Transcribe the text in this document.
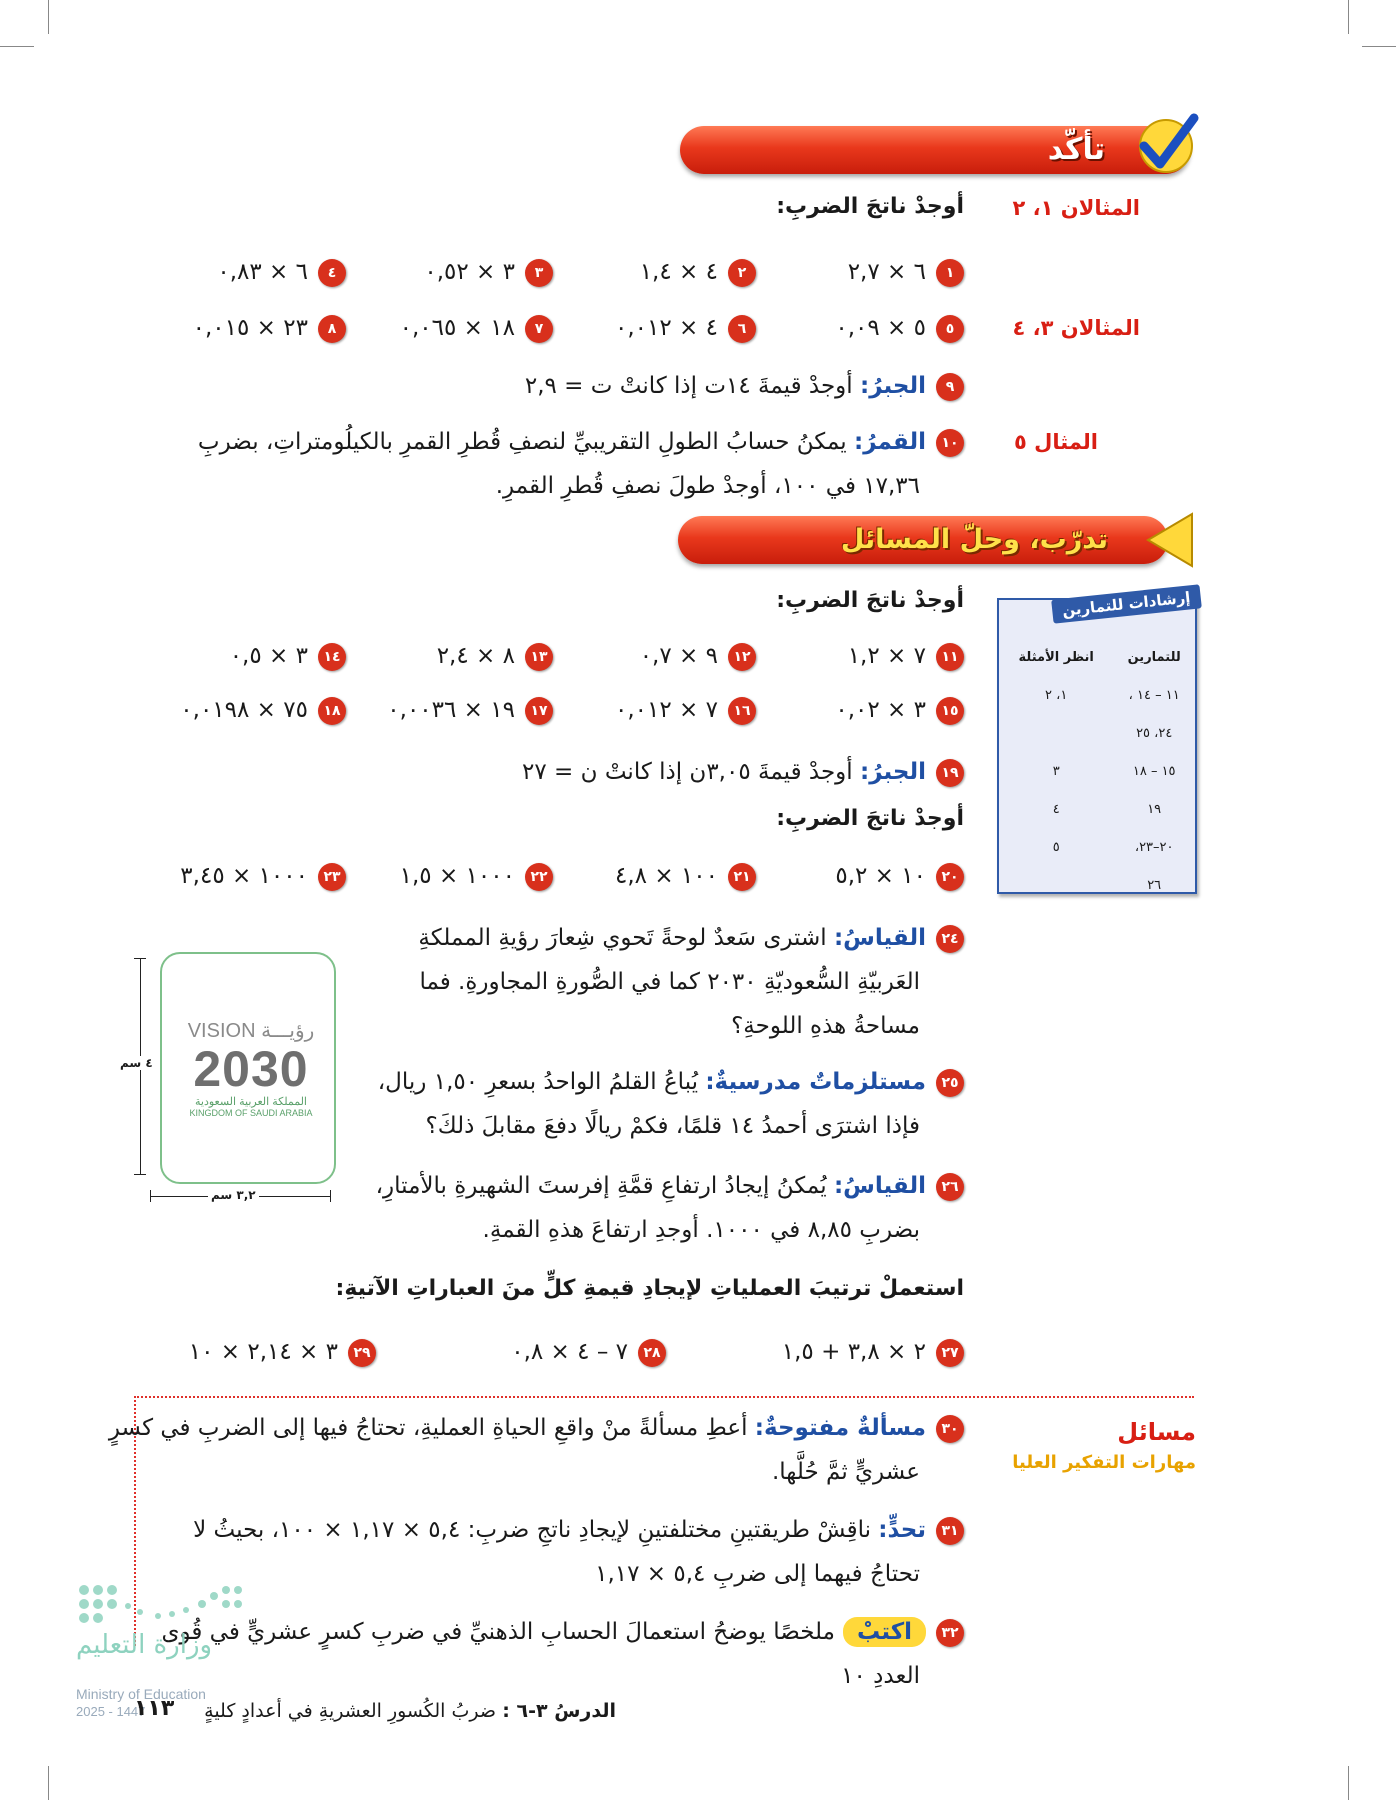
تأكّد
المثالان ١، ٢
أوجدْ ناتجَ الضربِ:
١٦ × ٢,٧
٢٤ × ١,٤
٣٣ × ٠,٥٢
٤٦ × ٠,٨٣
المثالان ٣، ٤
٥٥ × ٠,٠٩
٦٤ × ٠,٠١٢
٧١٨ × ٠,٠٦٥
٨٢٣ × ٠,٠١٥
٩الجبرُ: أوجدْ قيمةَ ١٤ت إذا كانتْ ت = ٢,٩
المثال ٥
١٠القمرُ: يمكنُ حسابُ الطولِ التقريبيِّ لنصفِ قُطرِ القمرِ بالكيلُومتراتِ، بضربِ
١٧,٣٦ في ١٠٠، أوجدْ طولَ نصفِ قُطرِ القمرِ.
تدرّب، وحلّ المسائل
إرشادات للتمارين
للتمارين	انظر الأمثلة
١١ – ١٤ ،	١، ٢
٢٤، ٢٥	
١٥ – ١٨	٣
١٩	٤
٢٠–٢٣،	٥
٢٦	
أوجدْ ناتجَ الضربِ:
١١٧ × ١,٢
١٢٩ × ٠,٧
١٣٨ × ٢,٤
١٤٣ × ٠,٥
١٥٣ × ٠,٠٢
١٦٧ × ٠,٠١٢
١٧١٩ × ٠,٠٠٣٦
١٨٧٥ × ٠,٠١٩٨
١٩الجبرُ: أوجدْ قيمةَ ٣,٠٥ن إذا كانتْ ن = ٢٧
أوجدْ ناتجَ الضربِ:
٢٠١٠ × ٥,٢
٢١١٠٠ × ٤,٨
٢٢١٠٠٠ × ١,٥
٢٣١٠٠٠ × ٣,٤٥
٢٤القياسُ: اشترى سَعدٌ لوحةً تَحوي شِعارَ رؤيةِ المملكةِ
العَربيّةِ السُّعوديّةِ ٢٠٣٠ كما في الصُّورةِ المجاورةِ. فما
مساحةُ هذهِ اللوحةِ؟
VISION رؤيـــة
2030
المملكة العربية السعودية
KINGDOM OF SAUDI ARABIA
٤ سم
٣,٢ سم
٢٥مستلزماتٌ مدرسيةٌ: يُباعُ القلمُ الواحدُ بسعرِ ١,٥٠ ريال،
فإذا اشترَى أحمدُ ١٤ قلمًا، فكمْ ريالًا دفعَ مقابلَ ذلكَ؟
٢٦القياسُ: يُمكنُ إيجادُ ارتفاعِ قمَّةِ إفرستَ الشهيرةِ بالأمتارِ،
بضربِ ٨,٨٥ في ١٠٠٠. أوجدِ ارتفاعَ هذهِ القمةِ.
استعملْ ترتيبَ العملياتِ لإيجادِ قيمةِ كلٍّ منَ العباراتِ الآتيةِ:
٢٧٢ × ٣,٨ + ١,٥
٢٨٧ – ٤ × ٠,٨
٢٩٣ × ٢,١٤ × ١٠
مسائل
مهارات التفكير العليا
٣٠مسألةٌ مفتوحةٌ: أعطِ مسألةً منْ واقعِ الحياةِ العمليةِ، تحتاجُ فيها إلى الضربِ في كسرٍ
عشريٍّ ثمَّ حُلَّها.
٣١تحدٍّ: ناقِشْ طريقتينِ مختلفتينِ لإيجادِ ناتجِ ضربِ: ٥,٤ × ١,١٧ × ١٠٠، بحيثُ لا
تحتاجُ فيهما إلى ضربِ ٥,٤ × ١,١٧
٣٢اكتبْملخصًا يوضحُ استعمالَ الحسابِ الذهنيِّ في ضربِ كسرٍ عشريٍّ في قُوى
العددِ ١٠
وزارة التعليم
Ministry of Education
2025 - 1447
١١٣	الدرسُ ٣-٦ :
ضربُ الكُسورِ العشريةِ في أعدادٍ كليةٍ
